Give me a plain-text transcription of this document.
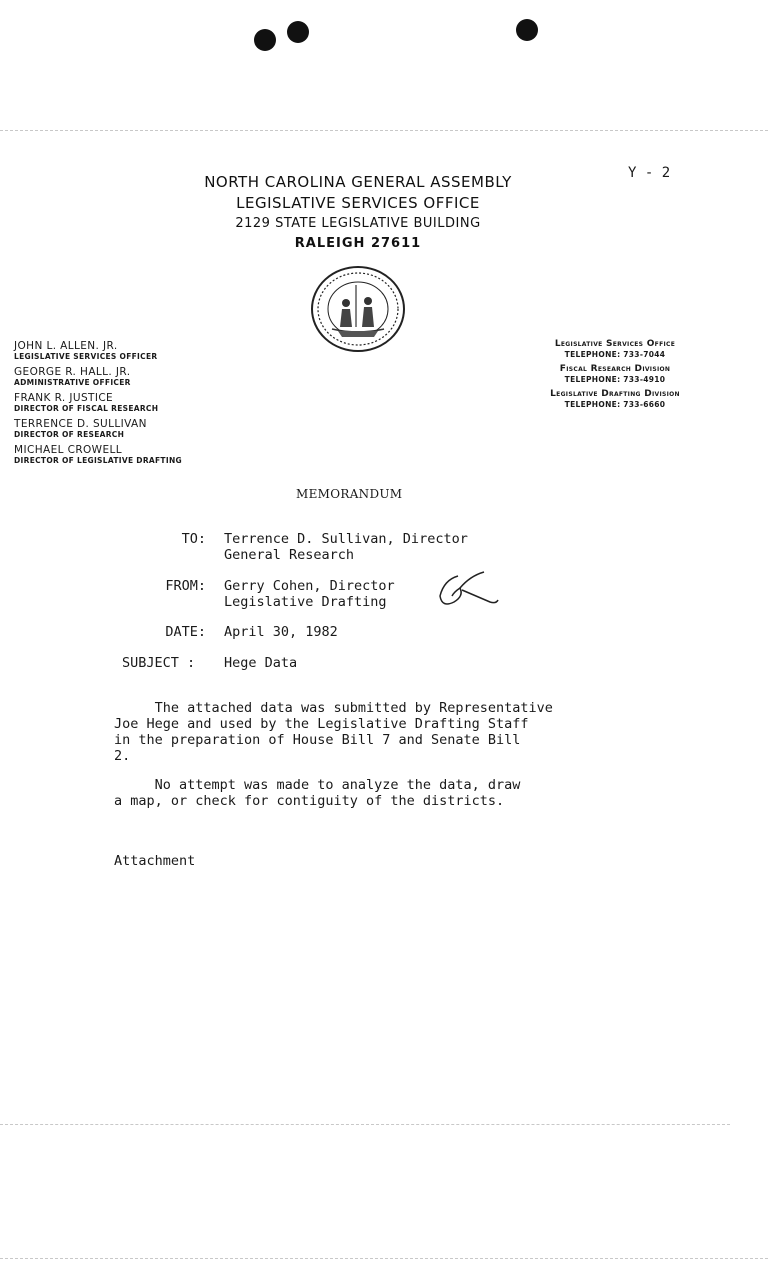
Y - 2
NORTH CAROLINA GENERAL ASSEMBLY
LEGISLATIVE SERVICES OFFICE
2129 STATE LEGISLATIVE BUILDING
RALEIGH 27611
JOHN L. ALLEN. JR.
LEGISLATIVE SERVICES OFFICER
GEORGE R. HALL. JR.
ADMINISTRATIVE OFFICER
FRANK R. JUSTICE
DIRECTOR OF FISCAL RESEARCH
TERRENCE D. SULLIVAN
DIRECTOR OF RESEARCH
MICHAEL CROWELL
DIRECTOR OF LEGISLATIVE DRAFTING
Legislative Services Office
TELEPHONE: 733-7044
Fiscal Research Division
TELEPHONE: 733-4910
Legislative Drafting Division
TELEPHONE: 733-6660
MEMORANDUM
TO: Terrence D. Sullivan, Director
General Research
FROM: Gerry Cohen, Director
Legislative Drafting
DATE: April 30, 1982
SUBJECT : Hege Data
The attached data was submitted by Representative
Joe Hege and used by the Legislative Drafting Staff
in the preparation of House Bill 7 and Senate Bill
2.
No attempt was made to analyze the data, draw
a map, or check for contiguity of the districts.
Attachment
